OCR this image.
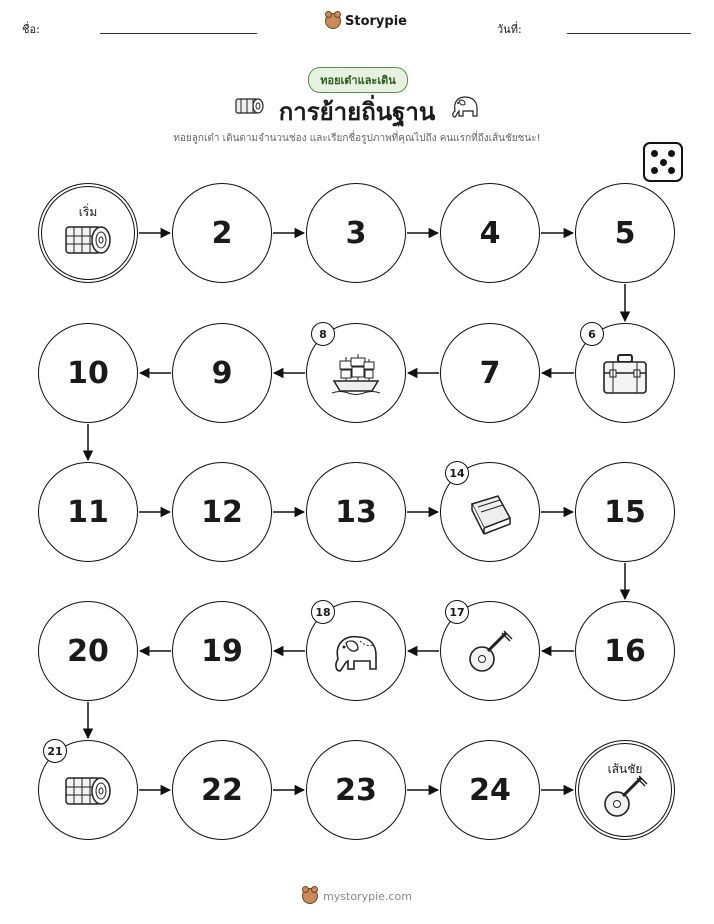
ชื่อ:
Storypie
วันที่:
ทอยเต๋าและเดิน
การย้ายถิ่นฐาน
ทอยลูกเต๋า เดินตามจำนวนช่อง และเรียกชื่อรูปภาพที่คุณไปถึง คนแรกที่ถึงเส้นชัยชนะ!
เริ่ม
2	3	4	5
6
7
8
9
10
11	12	13
14
15
16
17
18
19
20
21
22	23	24
เส้นชัย
mystorypie.com
